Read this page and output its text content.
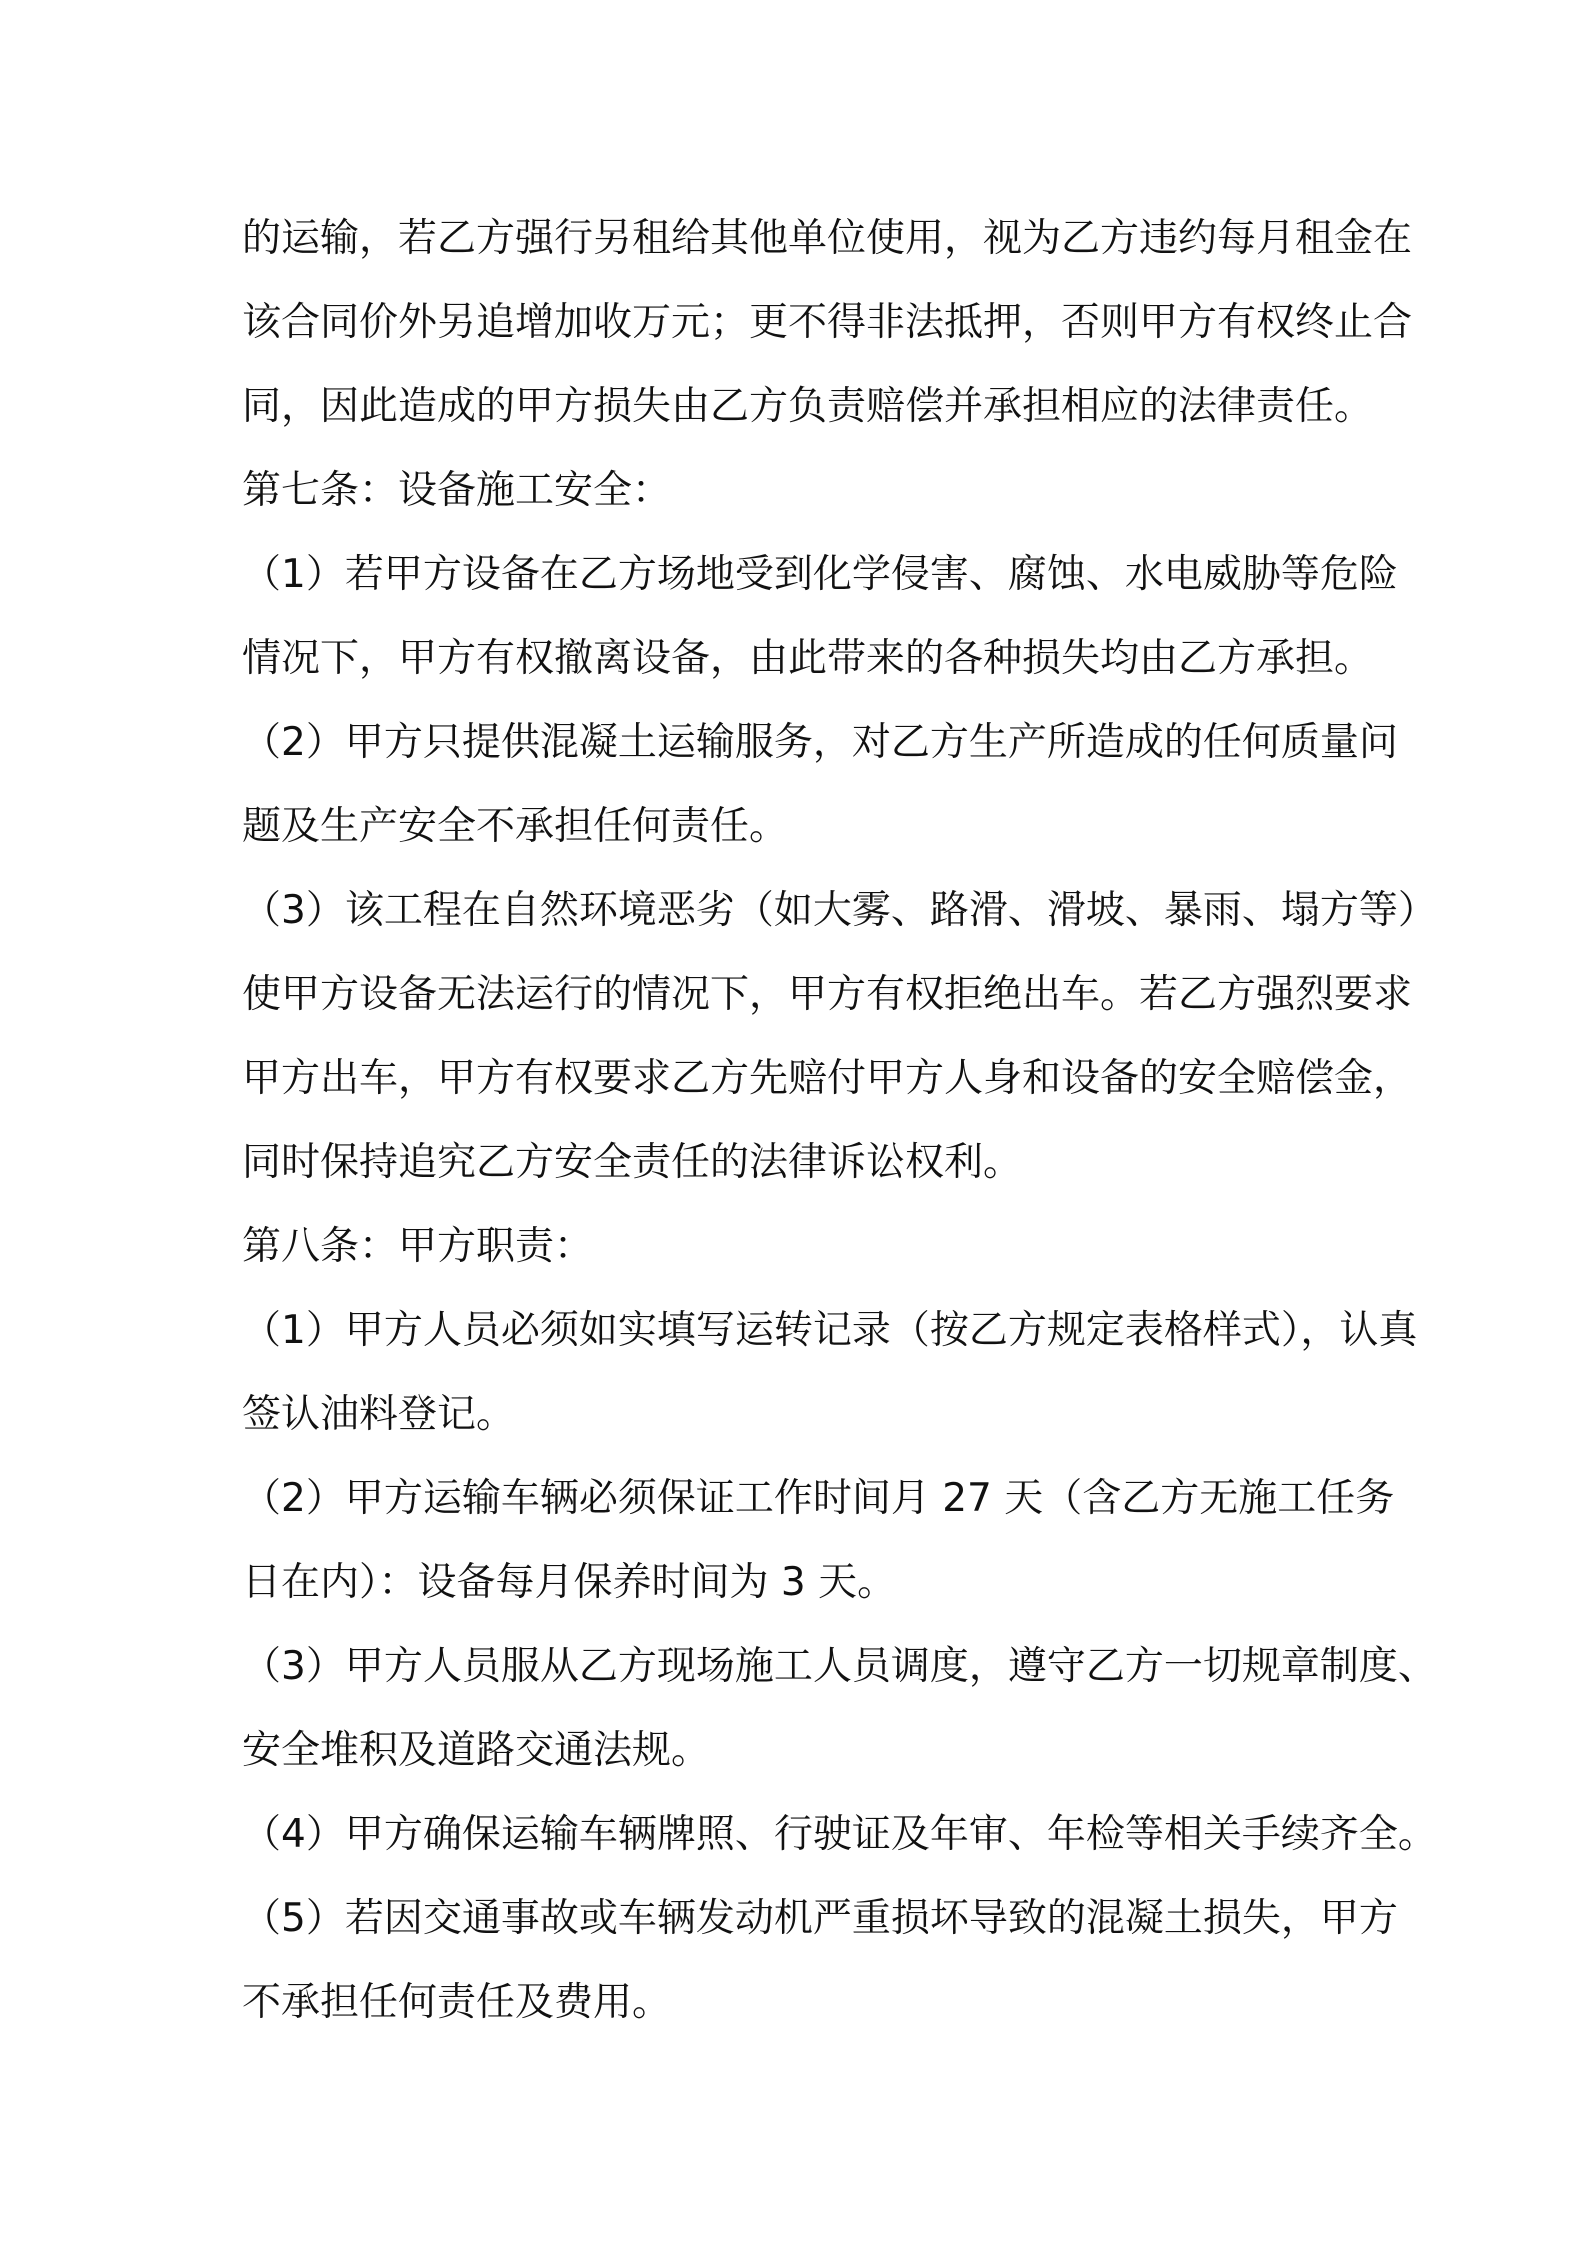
的运输，若乙方强行另租给其他单位使用，视为乙方违约每月租金在
该合同价外另追增加收万元；更不得非法抵押，否则甲方有权终止合
同，因此造成的甲方损失由乙方负责赔偿并承担相应的法律责任。
第七条：设备施工安全：
（1）若甲方设备在乙方场地受到化学侵害、腐蚀、水电威胁等危险
情况下，甲方有权撤离设备，由此带来的各种损失均由乙方承担。
（2）甲方只提供混凝土运输服务，对乙方生产所造成的任何质量问
题及生产安全不承担任何责任。
（3）该工程在自然环境恶劣（如大雾、路滑、滑坡、暴雨、塌方等）
使甲方设备无法运行的情况下，甲方有权拒绝出车。若乙方强烈要求
甲方出车，甲方有权要求乙方先赔付甲方人身和设备的安全赔偿金，
同时保持追究乙方安全责任的法律诉讼权利。
第八条：甲方职责：
（1）甲方人员必须如实填写运转记录（按乙方规定表格样式），认真
签认油料登记。
（2）甲方运输车辆必须保证工作时间月 27 天（含乙方无施工任务
日在内）：设备每月保养时间为 3 天。
（3）甲方人员服从乙方现场施工人员调度，遵守乙方一切规章制度、
安全堆积及道路交通法规。
（4）甲方确保运输车辆牌照、行驶证及年审、年检等相关手续齐全。
（5）若因交通事故或车辆发动机严重损坏导致的混凝土损失，甲方
不承担任何责任及费用。
